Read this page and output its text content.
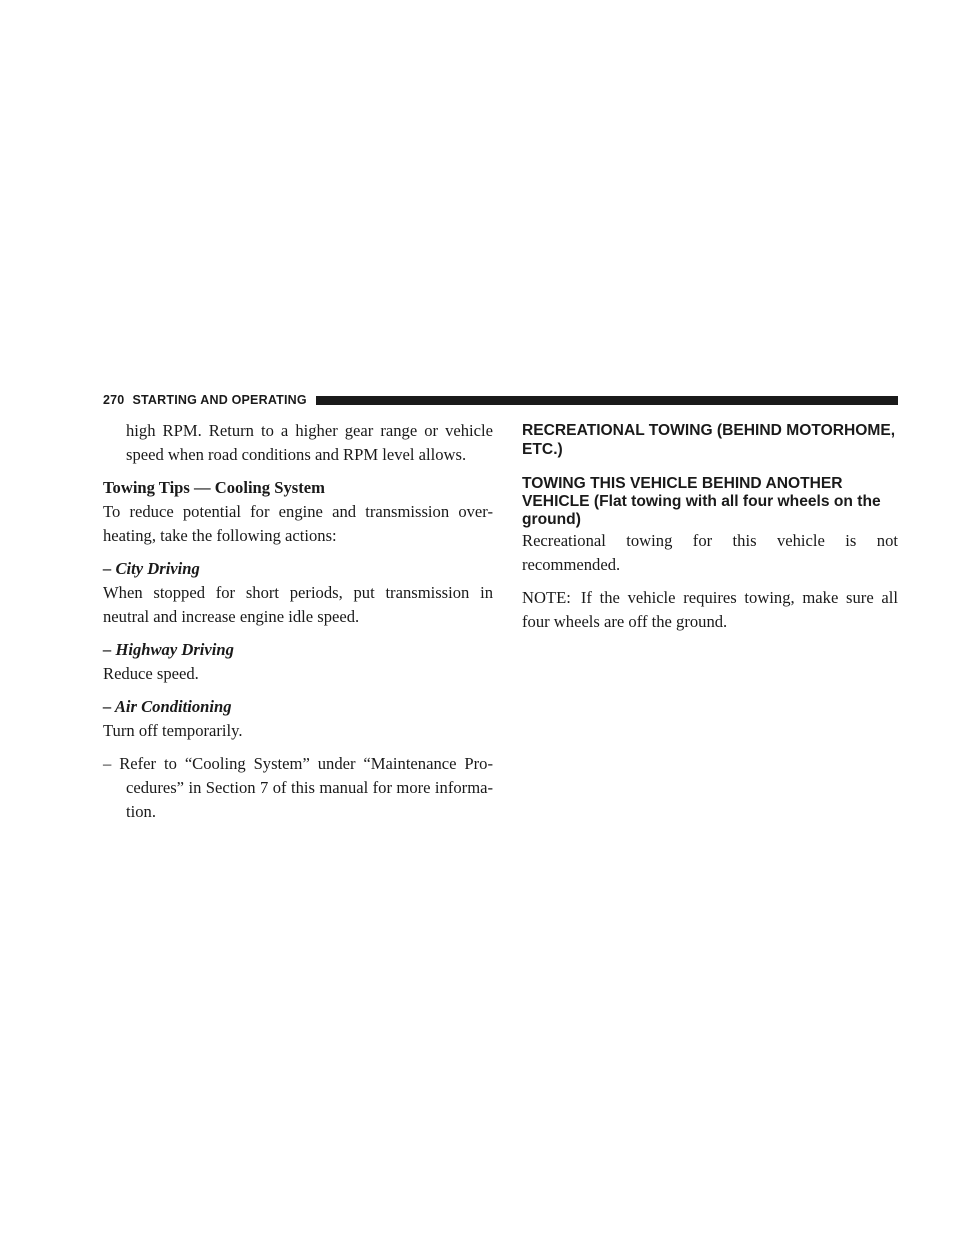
270 STARTING AND OPERATING

high RPM. Return to a higher gear range or vehicle speed when road conditions and RPM level allows.

Towing Tips — Cooling System

To reduce potential for engine and transmission over-heating, take the following actions:

– City Driving

When stopped for short periods, put transmission in neutral and increase engine idle speed.

– Highway Driving

Reduce speed.

– Air Conditioning

Turn off temporarily.

– Refer to “Cooling System” under “Maintenance Pro-cedures” in Section 7 of this manual for more informa-tion.

RECREATIONAL TOWING (BEHIND MOTORHOME, ETC.)

TOWING THIS VEHICLE BEHIND ANOTHER VEHICLE (Flat towing with all four wheels on the ground)

Recreational towing for this vehicle is not recommended.

NOTE: If the vehicle requires towing, make sure all four wheels are off the ground.
